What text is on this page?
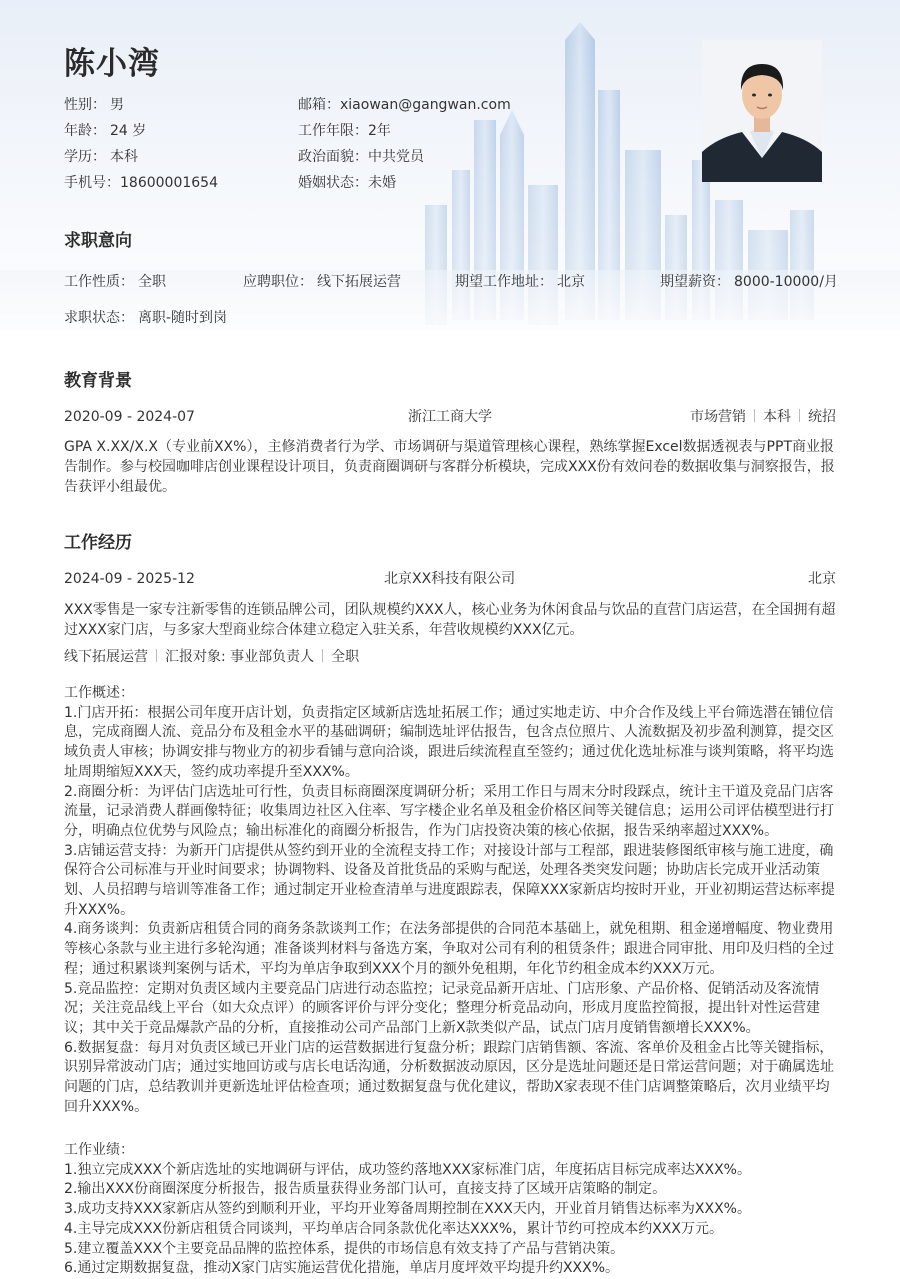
陈小湾
性别： 男
年龄： 24 岁
学历： 本科
手机号：18600001654
邮箱：xiaowan@gangwan.com
工作年限：2年
政治面貌：中共党员
婚姻状态：未婚
求职意向
工作性质： 全职	应聘职位： 线下拓展运营	期望工作地址： 北京	期望薪资： 8000-10000/月
求职状态： 离职-随时到岗
教育背景
2020-09 - 2024-07	浙江工商大学	市场营销 本科 统招
GPA X.XX/X.X（专业前XX%），主修消费者行为学、市场调研与渠道管理核心课程，熟练掌握Excel数据透视表与PPT商业报告制作。参与校园咖啡店创业课程设计项目，负责商圈调研与客群分析模块，完成XXX份有效问卷的数据收集与洞察报告，报告获评小组最优。
工作经历
2024-09 - 2025-12	北京XX科技有限公司	北京
XXX零售是一家专注新零售的连锁品牌公司，团队规模约XXX人，核心业务为休闲食品与饮品的直营门店运营，在全国拥有超过XXX家门店，与多家大型商业综合体建立稳定入驻关系，年营收规模约XXX亿元。
线下拓展运营 汇报对象: 事业部负责人 全职

工作概述：

1.门店开拓：根据公司年度开店计划，负责指定区域新店选址拓展工作；通过实地走访、中介合作及线上平台筛选潜在铺位信息，完成商圈人流、竞品分布及租金水平的基础调研；编制选址评估报告，包含点位照片、人流数据及初步盈利测算，提交区域负责人审核；协调安排与物业方的初步看铺与意向洽谈，跟进后续流程直至签约；通过优化选址标准与谈判策略，将平均选址周期缩短XXX天，签约成功率提升至XXX%。

2.商圈分析：为评估门店选址可行性，负责目标商圈深度调研分析；采用工作日与周末分时段踩点，统计主干道及竞品门店客流量，记录消费人群画像特征；收集周边社区入住率、写字楼企业名单及租金价格区间等关键信息；运用公司评估模型进行打分，明确点位优势与风险点；输出标准化的商圈分析报告，作为门店投资决策的核心依据，报告采纳率超过XXX%。

3.店铺运营支持：为新开门店提供从签约到开业的全流程支持工作；对接设计部与工程部，跟进装修图纸审核与施工进度，确保符合公司标准与开业时间要求；协调物料、设备及首批货品的采购与配送，处理各类突发问题；协助店长完成开业活动策划、人员招聘与培训等准备工作；通过制定开业检查清单与进度跟踪表，保障XXX家新店均按时开业，开业初期运营达标率提升XXX%。

4.商务谈判：负责新店租赁合同的商务条款谈判工作；在法务部提供的合同范本基础上，就免租期、租金递增幅度、物业费用等核心条款与业主进行多轮沟通；准备谈判材料与备选方案，争取对公司有利的租赁条件；跟进合同审批、用印及归档的全过程；通过积累谈判案例与话术，平均为单店争取到XXX个月的额外免租期，年化节约租金成本约XXX万元。

5.竞品监控：定期对负责区域内主要竞品门店进行动态监控；记录竞品新开店址、门店形象、产品价格、促销活动及客流情况；关注竞品线上平台（如大众点评）的顾客评价与评分变化；整理分析竞品动向，形成月度监控简报，提出针对性运营建议；其中关于竞品爆款产品的分析，直接推动公司产品部门上新X款类似产品，试点门店月度销售额增长XXX%。

6.数据复盘：每月对负责区域已开业门店的运营数据进行复盘分析；跟踪门店销售额、客流、客单价及租金占比等关键指标，识别异常波动门店；通过实地回访或与店长电话沟通，分析数据波动原因，区分是选址问题还是日常运营问题；对于确属选址问题的门店，总结教训并更新选址评估检查项；通过数据复盘与优化建议，帮助X家表现不佳门店调整策略后，次月业绩平均回升XXX%。

工作业绩：

1.独立完成XXX个新店选址的实地调研与评估，成功签约落地XXX家标准门店，年度拓店目标完成率达XXX%。

2.输出XXX份商圈深度分析报告，报告质量获得业务部门认可，直接支持了区域开店策略的制定。

3.成功支持XXX家新店从签约到顺利开业，平均开业筹备周期控制在XXX天内，开业首月销售达标率为XXX%。

4.主导完成XXX份新店租赁合同谈判，平均单店合同条款优化率达XXX%，累计节约可控成本约XXX万元。

5.建立覆盖XXX个主要竞品品牌的监控体系，提供的市场信息有效支持了产品与营销决策。

6.通过定期数据复盘，推动X家门店实施运营优化措施，单店月度坪效平均提升约XXX%。
